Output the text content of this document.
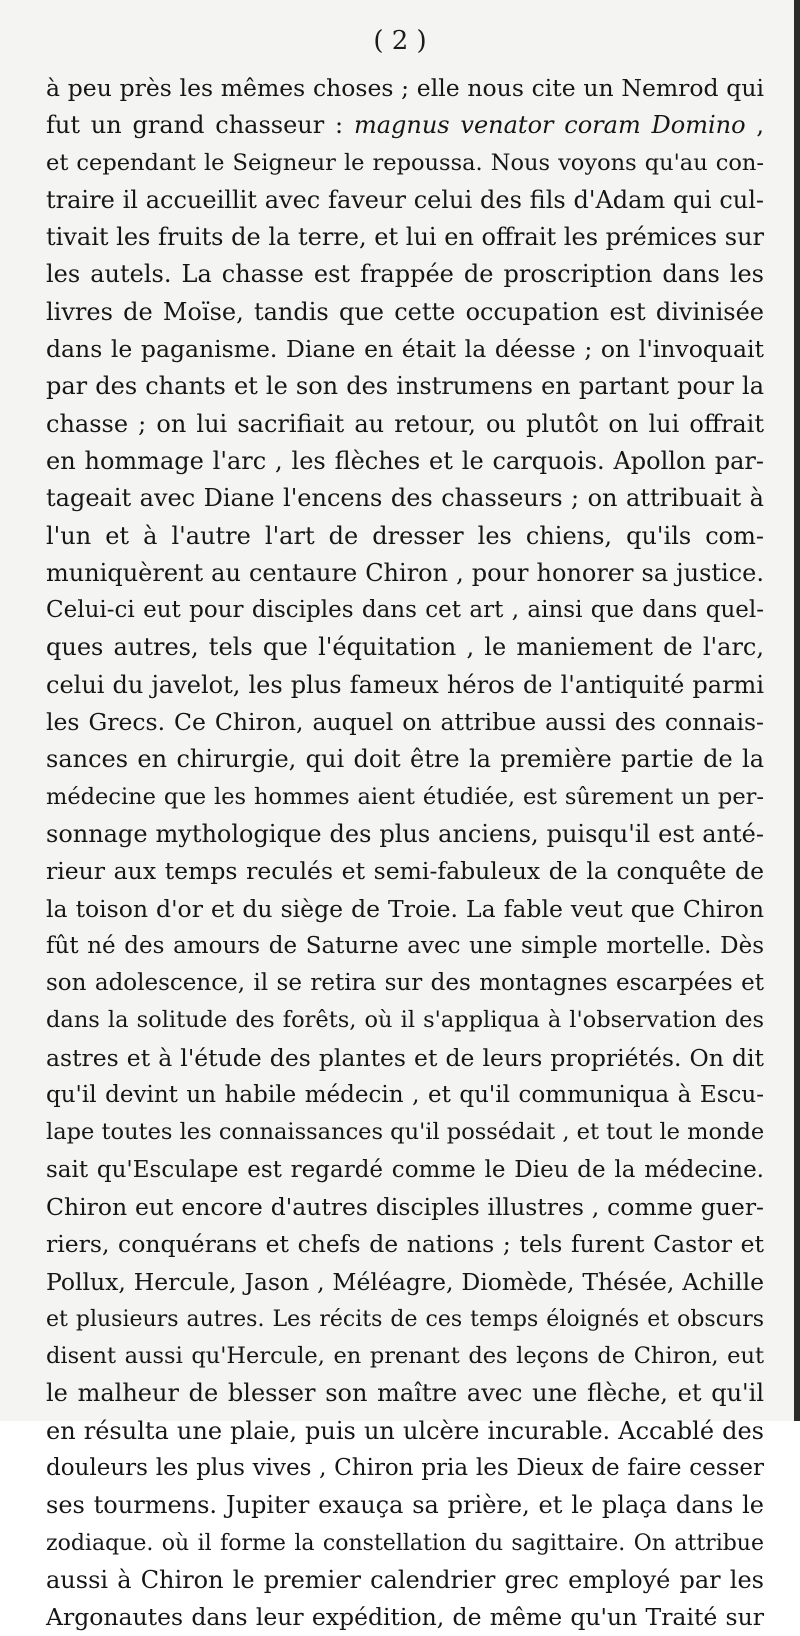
( 2 )
à peu près les mêmes choses ; elle nous cite un Nemrod qui
fut un grand chasseur : magnus venator coram Domino ,
et cependant le Seigneur le repoussa. Nous voyons qu'au con-
traire il accueillit avec faveur celui des fils d'Adam qui cul-
tivait les fruits de la terre, et lui en offrait les prémices sur
les autels. La chasse est frappée de proscription dans les
livres de Moïse, tandis que cette occupation est divinisée
dans le paganisme. Diane en était la déesse ; on l'invoquait
par des chants et le son des instrumens en partant pour la
chasse ; on lui sacrifiait au retour, ou plutôt on lui offrait
en hommage l'arc , les flèches et le carquois. Apollon par-
tageait avec Diane l'encens des chasseurs ; on attribuait à
l'un et à l'autre l'art de dresser les chiens, qu'ils com-
muniquèrent au centaure Chiron , pour honorer sa justice.
Celui-ci eut pour disciples dans cet art , ainsi que dans quel-
ques autres, tels que l'équitation , le maniement de l'arc,
celui du javelot, les plus fameux héros de l'antiquité parmi
les Grecs. Ce Chiron, auquel on attribue aussi des connais-
sances en chirurgie, qui doit être la première partie de la
médecine que les hommes aient étudiée, est sûrement un per-
sonnage mythologique des plus anciens, puisqu'il est anté-
rieur aux temps reculés et semi-fabuleux de la conquête de
la toison d'or et du siège de Troie. La fable veut que Chiron
fût né des amours de Saturne avec une simple mortelle. Dès
son adolescence, il se retira sur des montagnes escarpées et
dans la solitude des forêts, où il s'appliqua à l'observation des
astres et à l'étude des plantes et de leurs propriétés. On dit
qu'il devint un habile médecin , et qu'il communiqua à Escu-
lape toutes les connaissances qu'il possédait , et tout le monde
sait qu'Esculape est regardé comme le Dieu de la médecine.
Chiron eut encore d'autres disciples illustres , comme guer-
riers, conquérans et chefs de nations ; tels furent Castor et
Pollux, Hercule, Jason , Méléagre, Diomède, Thésée, Achille
et plusieurs autres. Les récits de ces temps éloignés et obscurs
disent aussi qu'Hercule, en prenant des leçons de Chiron, eut
le malheur de blesser son maître avec une flèche, et qu'il
en résulta une plaie, puis un ulcère incurable. Accablé des
douleurs les plus vives , Chiron pria les Dieux de faire cesser
ses tourmens. Jupiter exauça sa prière, et le plaça dans le
zodiaque. où il forme la constellation du sagittaire. On attribue
aussi à Chiron le premier calendrier grec employé par les
Argonautes dans leur expédition, de même qu'un Traité sur
